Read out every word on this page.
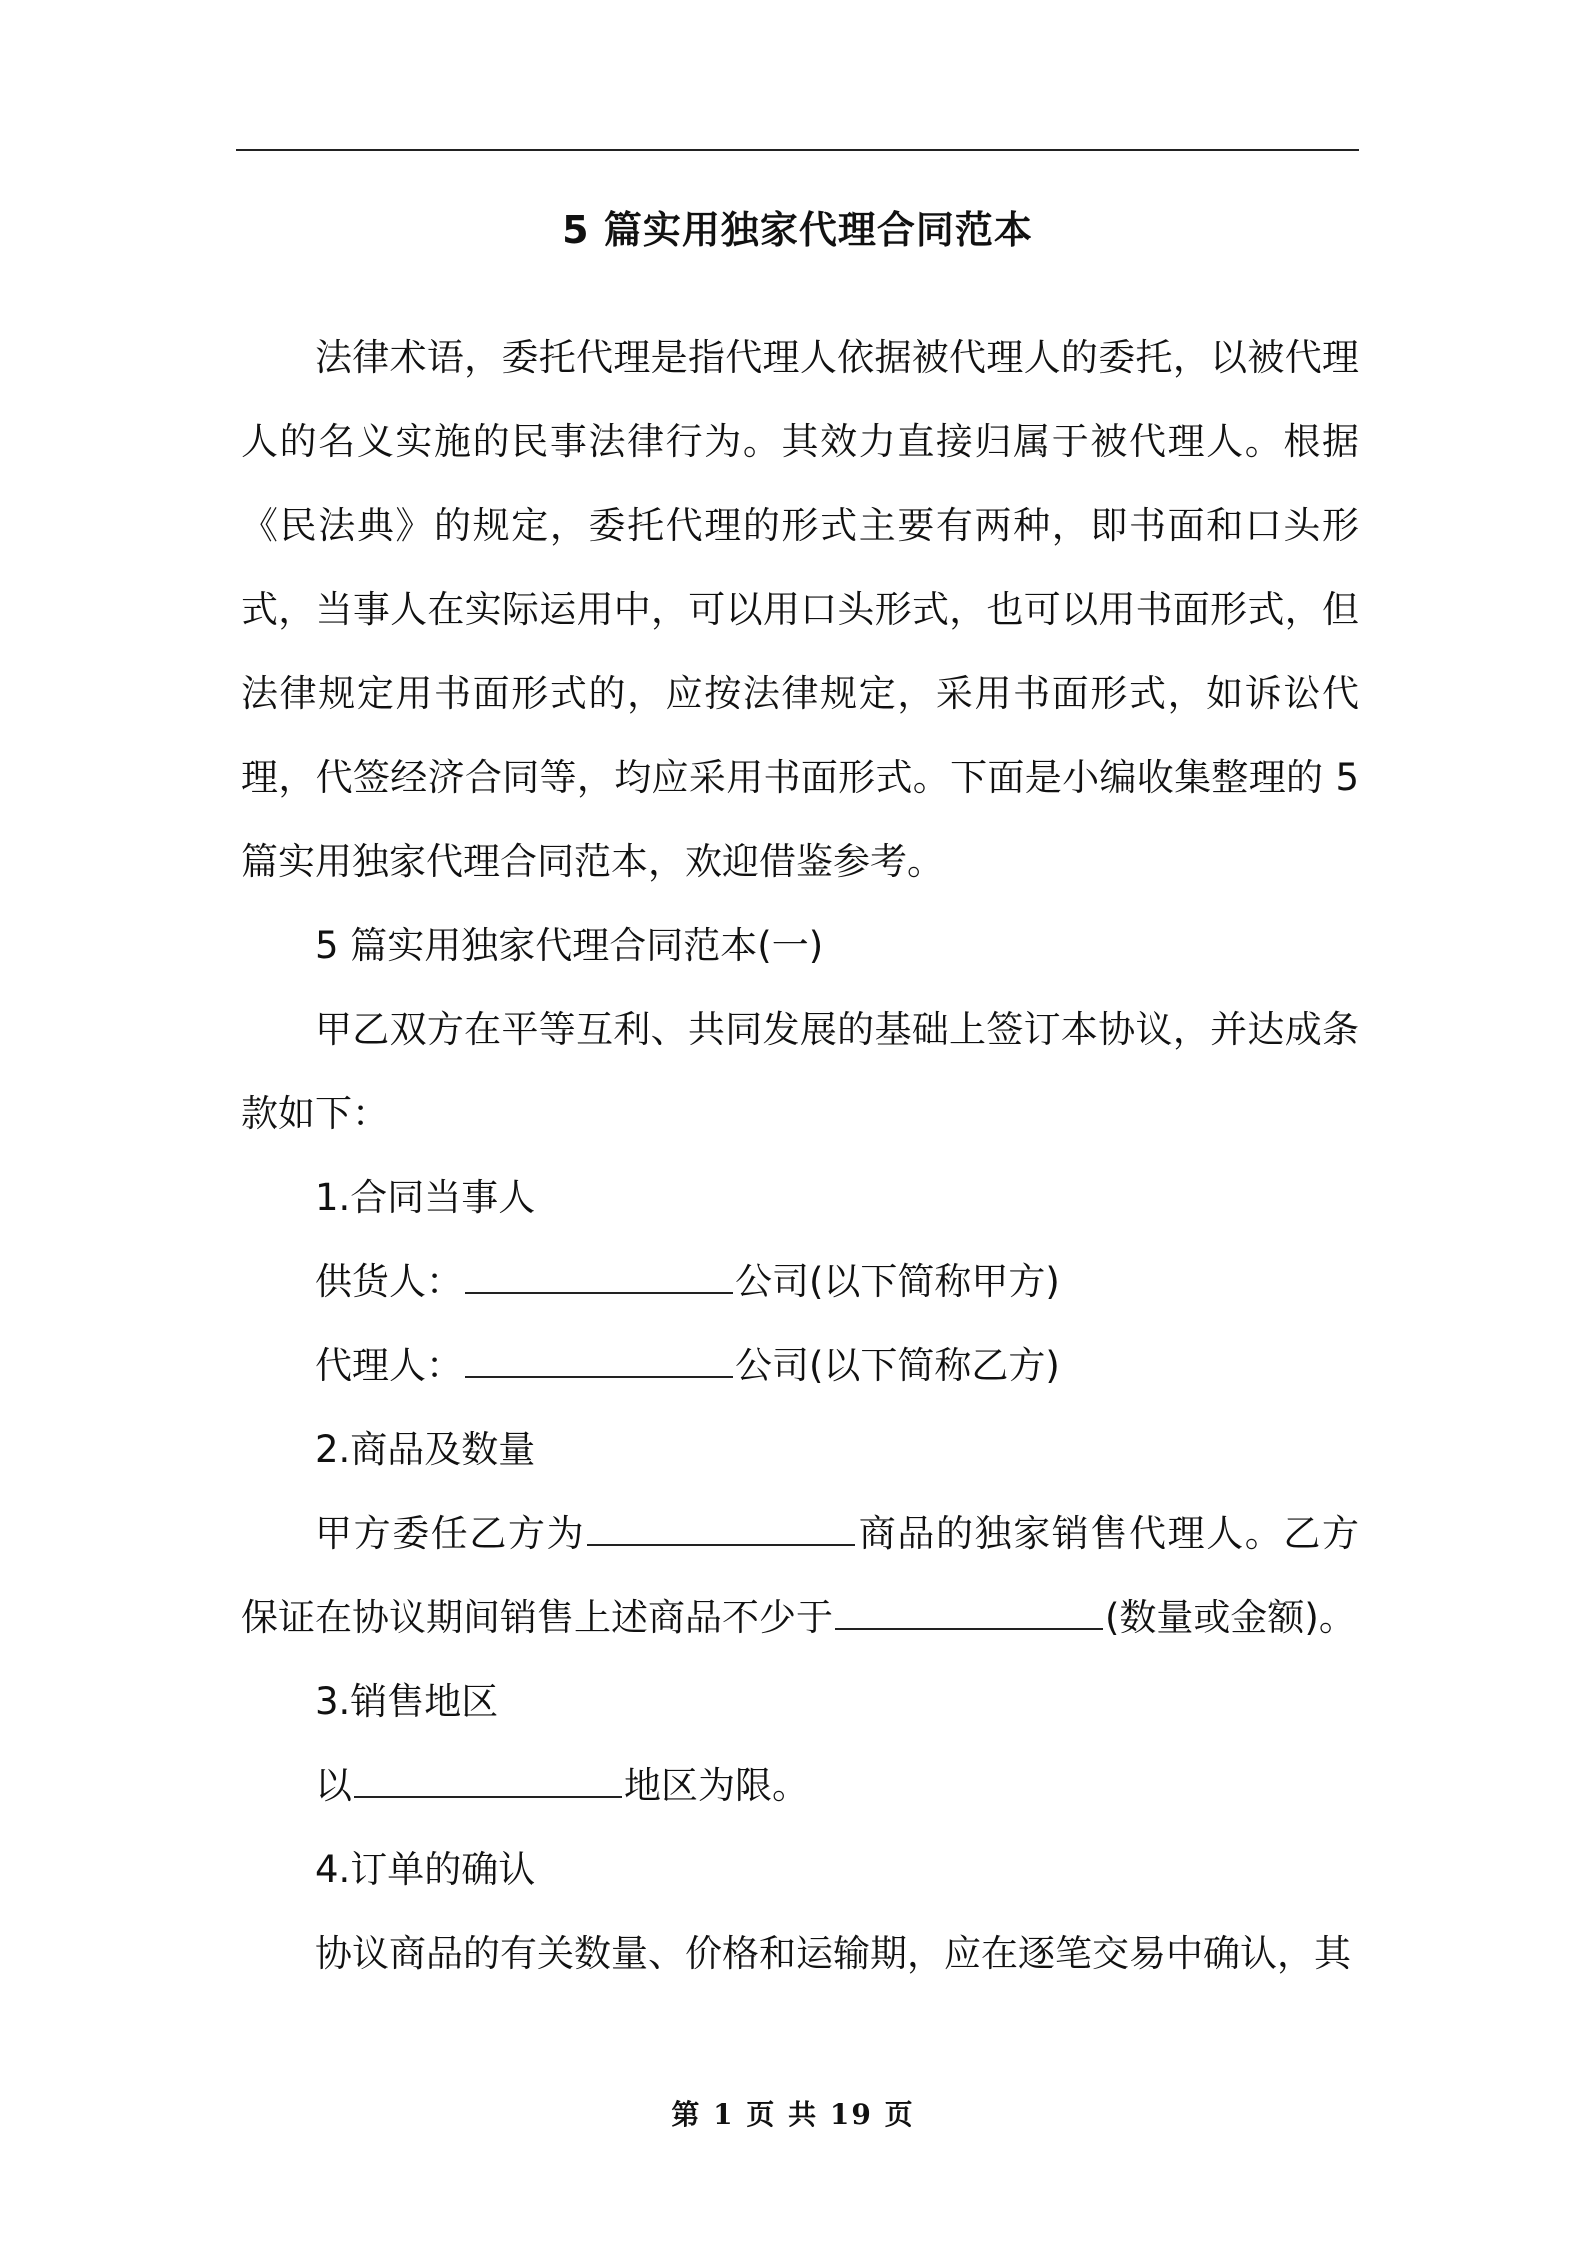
5 篇实用独家代理合同范本

法律术语，委托代理是指代理人依据被代理人的委托，以被代理人的名义实施的民事法律行为。其效力直接归属于被代理人。根据《民法典》的规定，委托代理的形式主要有两种，即书面和口头形式，当事人在实际运用中，可以用口头形式，也可以用书面形式，但法律规定用书面形式的，应按法律规定，采用书面形式，如诉讼代理，代签经济合同等，均应采用书面形式。下面是小编收集整理的 5 篇实用独家代理合同范本，欢迎借鉴参考。

5 篇实用独家代理合同范本(一)

甲乙双方在平等互利、共同发展的基础上签订本协议，并达成条款如下：

1.合同当事人

供货人：	公司(以下简称甲方)

代理人：	公司(以下简称乙方)

2.商品及数量

甲方委任乙方为	商品的独家销售代理人。乙方保证在协议期间销售上述商品不少于	(数量或金额)。

3.销售地区

以	地区为限。

4.订单的确认

协议商品的有关数量、价格和运输期，应在逐笔交易中确认，其

第 1 页 共 19 页
